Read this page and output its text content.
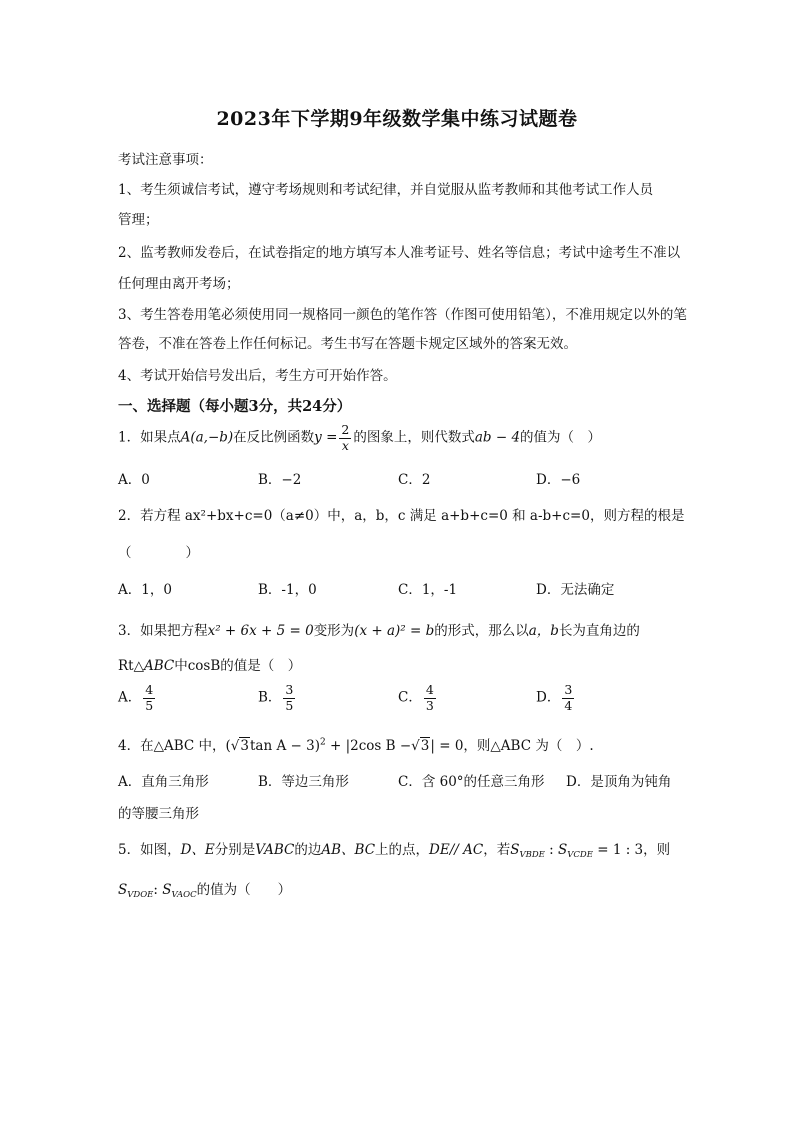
2023年下学期9年级数学集中练习试题卷
考试注意事项：
1、考生须诚信考试，遵守考场规则和考试纪律，并自觉服从监考教师和其他考试工作人员
管理；
2、监考教师发卷后，在试卷指定的地方填写本人准考证号、姓名等信息；考试中途考生不准以
任何理由离开考场；
3、考生答卷用笔必须使用同一规格同一颜色的笔作答（作图可使用铅笔），不准用规定以外的笔
答卷，不准在答卷上作任何标记。考生书写在答题卡规定区域外的答案无效。
4、考试开始信号发出后，考生方可开始作答。
一、选择题（每小题3分，共24分）
1．如果点A(a,−b)在反比例函数$y = \frac{2}{x}$ 的图象上，则代数式ab − 4的值为（　）
A．0	B．−2	C．2	D．−6
2．若方程 ax²+bx+c=0（a≠0）中，a，b，c 满足 a+b+c=0 和 a-b+c=0，则方程的根是
（　　　　）
A．1，0	B．-1，0	C．1，-1	D．无法确定
3．如果把方程x² + 6x + 5 = 0变形为(x + a)² = b的形式，那么以a，b长为直角边的
Rt△ABC中cosB的值是（　）
A． $\frac{4}{5}$	B． $\frac{3}{5}$	C． $\frac{4}{3}$	D． $\frac{3}{4}$
4．在△ABC 中，(√3tan A − 3)$^2$ + |2cos B −√3| = 0，则△ABC 为（　）.
A．直角三角形	B．等边三角形	C．含 60°的任意三角形 D．是顶角为钝角
的等腰三角形
5．如图，D、E分别是VABC的边AB、BC上的点，DE// AC，若$S_{VBDE}$ : $S_{VCDE} = 1$ : 3，则
$S_{VDOE}$: $S_{VAOC}$的值为（　　）
